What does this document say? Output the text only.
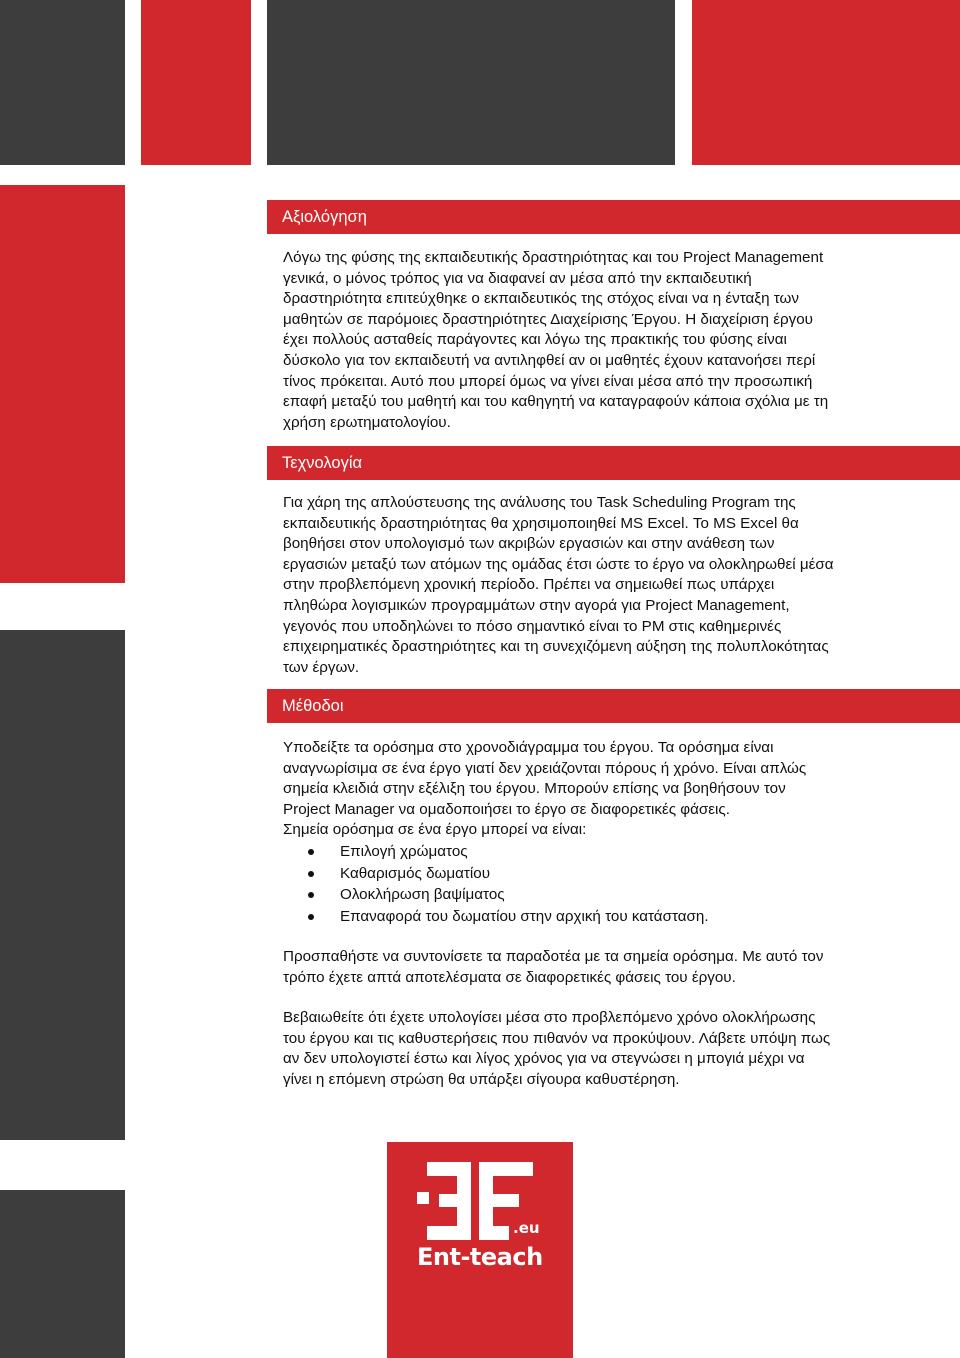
Αξιολόγηση
Λόγω της φύσης της εκπαιδευτικής δραστηριότητας και του Project Management
γενικά, ο μόνος τρόπος για να διαφανεί αν μέσα από την εκπαιδευτική
δραστηριότητα επιτεύχθηκε ο εκπαιδευτικός της στόχος είναι να η ένταξη των
μαθητών σε παρόμοιες δραστηριότητες Διαχείρισης Έργου. Η διαχείριση έργου
έχει πολλούς ασταθείς παράγοντες και λόγω της πρακτικής του φύσης είναι
δύσκολο για τον εκπαιδευτή να αντιληφθεί αν οι μαθητές έχουν κατανοήσει περί
τίνος πρόκειται. Αυτό που μπορεί όμως να γίνει είναι μέσα από την προσωπική
επαφή μεταξύ του μαθητή και του καθηγητή να καταγραφούν κάποια σχόλια με τη
χρήση ερωτηματολογίου.
Τεχνολογία
Για χάρη της απλούστευσης της ανάλυσης του Task Scheduling Program της
εκπαιδευτικής δραστηριότητας θα χρησιμοποιηθεί MS Excel. Το MS Excel θα
βοηθήσει στον υπολογισμό των ακριβών εργασιών και στην ανάθεση των
εργασιών μεταξύ των ατόμων της ομάδας έτσι ώστε το έργο να ολοκληρωθεί μέσα
στην προβλεπόμενη χρονική περίοδο. Πρέπει να σημειωθεί πως υπάρχει
πληθώρα λογισμικών προγραμμάτων στην αγορά για Project Management,
γεγονός που υποδηλώνει το πόσο σημαντικό είναι το PM στις καθημερινές
επιχειρηματικές δραστηριότητες και τη συνεχιζόμενη αύξηση της πολυπλοκότητας
των έργων.
Μέθοδοι
Υποδείξτε τα ορόσημα στο χρονοδιάγραμμα του έργου. Τα ορόσημα είναι
αναγνωρίσιμα σε ένα έργο γιατί δεν χρειάζονται πόρους ή χρόνο. Είναι απλώς
σημεία κλειδιά στην εξέλιξη του έργου. Μπορούν επίσης να βοηθήσουν τον
Project Manager να ομαδοποιήσει το έργο σε διαφορετικές φάσεις.
Σημεία ορόσημα σε ένα έργο μπορεί να είναι:
Επιλογή χρώματος
Καθαρισμός δωματίου
Ολοκλήρωση βαψίματος
Επαναφορά του δωματίου στην αρχική του κατάσταση.
Προσπαθήστε να συντονίσετε τα παραδοτέα με τα σημεία ορόσημα. Με αυτό τον
τρόπο έχετε απτά αποτελέσματα σε διαφορετικές φάσεις του έργου.
Βεβαιωθείτε ότι έχετε υπολογίσει μέσα στο προβλεπόμενο χρόνο ολοκλήρωσης
του έργου και τις καθυστερήσεις που πιθανόν να προκύψουν. Λάβετε υπόψη πως
αν δεν υπολογιστεί έστω και λίγος χρόνος για να στεγνώσει η μπογιά μέχρι να
γίνει η επόμενη στρώση θα υπάρξει σίγουρα καθυστέρηση.
.eu
Ent-teach
